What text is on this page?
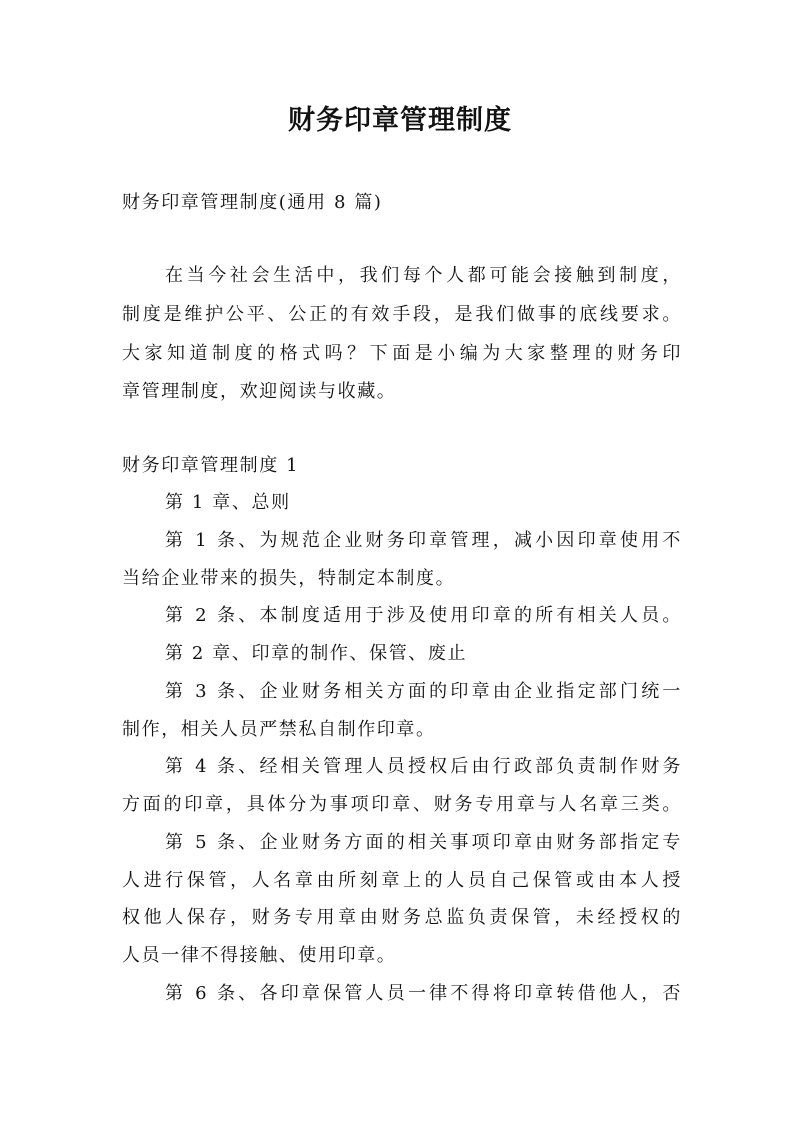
财务印章管理制度
财务印章管理制度(通用 8 篇)
在当今社会生活中，我们每个人都可能会接触到制度，
制度是维护公平、公正的有效手段，是我们做事的底线要求。
大家知道制度的格式吗？下面是小编为大家整理的财务印
章管理制度，欢迎阅读与收藏。
财务印章管理制度 1
第 1 章、总则
第 1 条、为规范企业财务印章管理，减小因印章使用不
当给企业带来的损失，特制定本制度。
第 2 条、本制度适用于涉及使用印章的所有相关人员。
第 2 章、印章的制作、保管、废止
第 3 条、企业财务相关方面的印章由企业指定部门统一
制作，相关人员严禁私自制作印章。
第 4 条、经相关管理人员授权后由行政部负责制作财务
方面的印章，具体分为事项印章、财务专用章与人名章三类。
第 5 条、企业财务方面的相关事项印章由财务部指定专
人进行保管，人名章由所刻章上的人员自己保管或由本人授
权他人保存，财务专用章由财务总监负责保管，未经授权的
人员一律不得接触、使用印章。
第 6 条、各印章保管人员一律不得将印章转借他人，否
